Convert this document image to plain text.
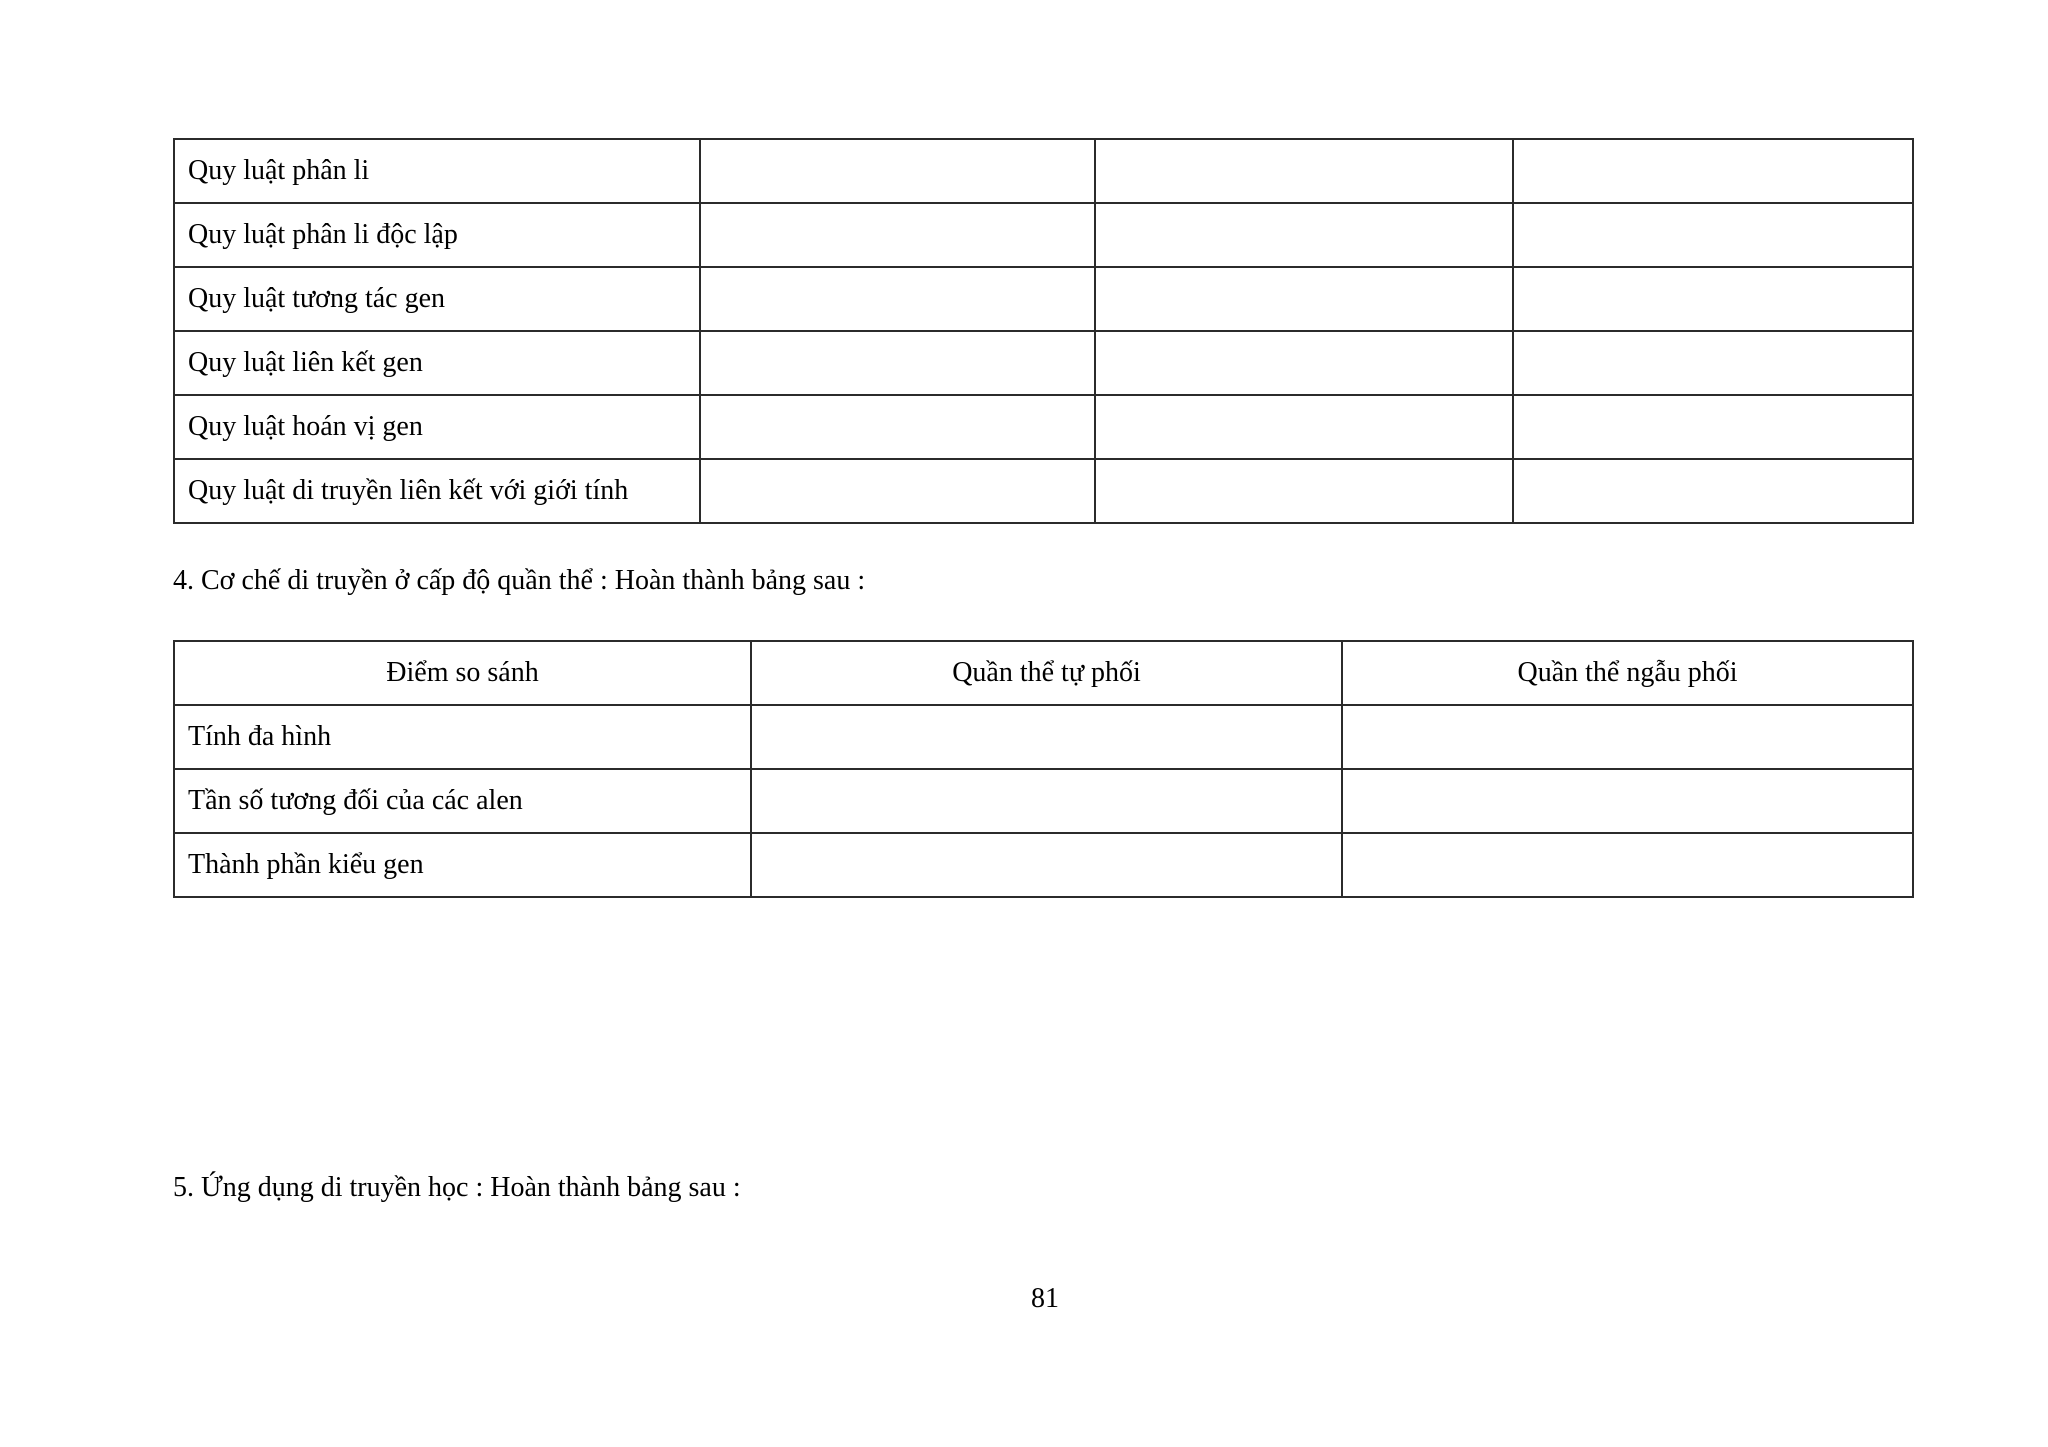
Quy luật phân li			
Quy luật phân li độc lập			
Quy luật tương tác gen			
Quy luật liên kết gen			
Quy luật hoán vị gen			
Quy luật di truyền liên kết với giới tính			
4. Cơ chế di truyền ở cấp độ quần thể : Hoàn thành bảng sau :
Điểm so sánh	Quần thể tự phối	Quần thể ngẫu phối
Tính đa hình		
Tần số tương đối của các alen		
Thành phần kiểu gen		
5. Ứng dụng di truyền học : Hoàn thành bảng sau :
81
